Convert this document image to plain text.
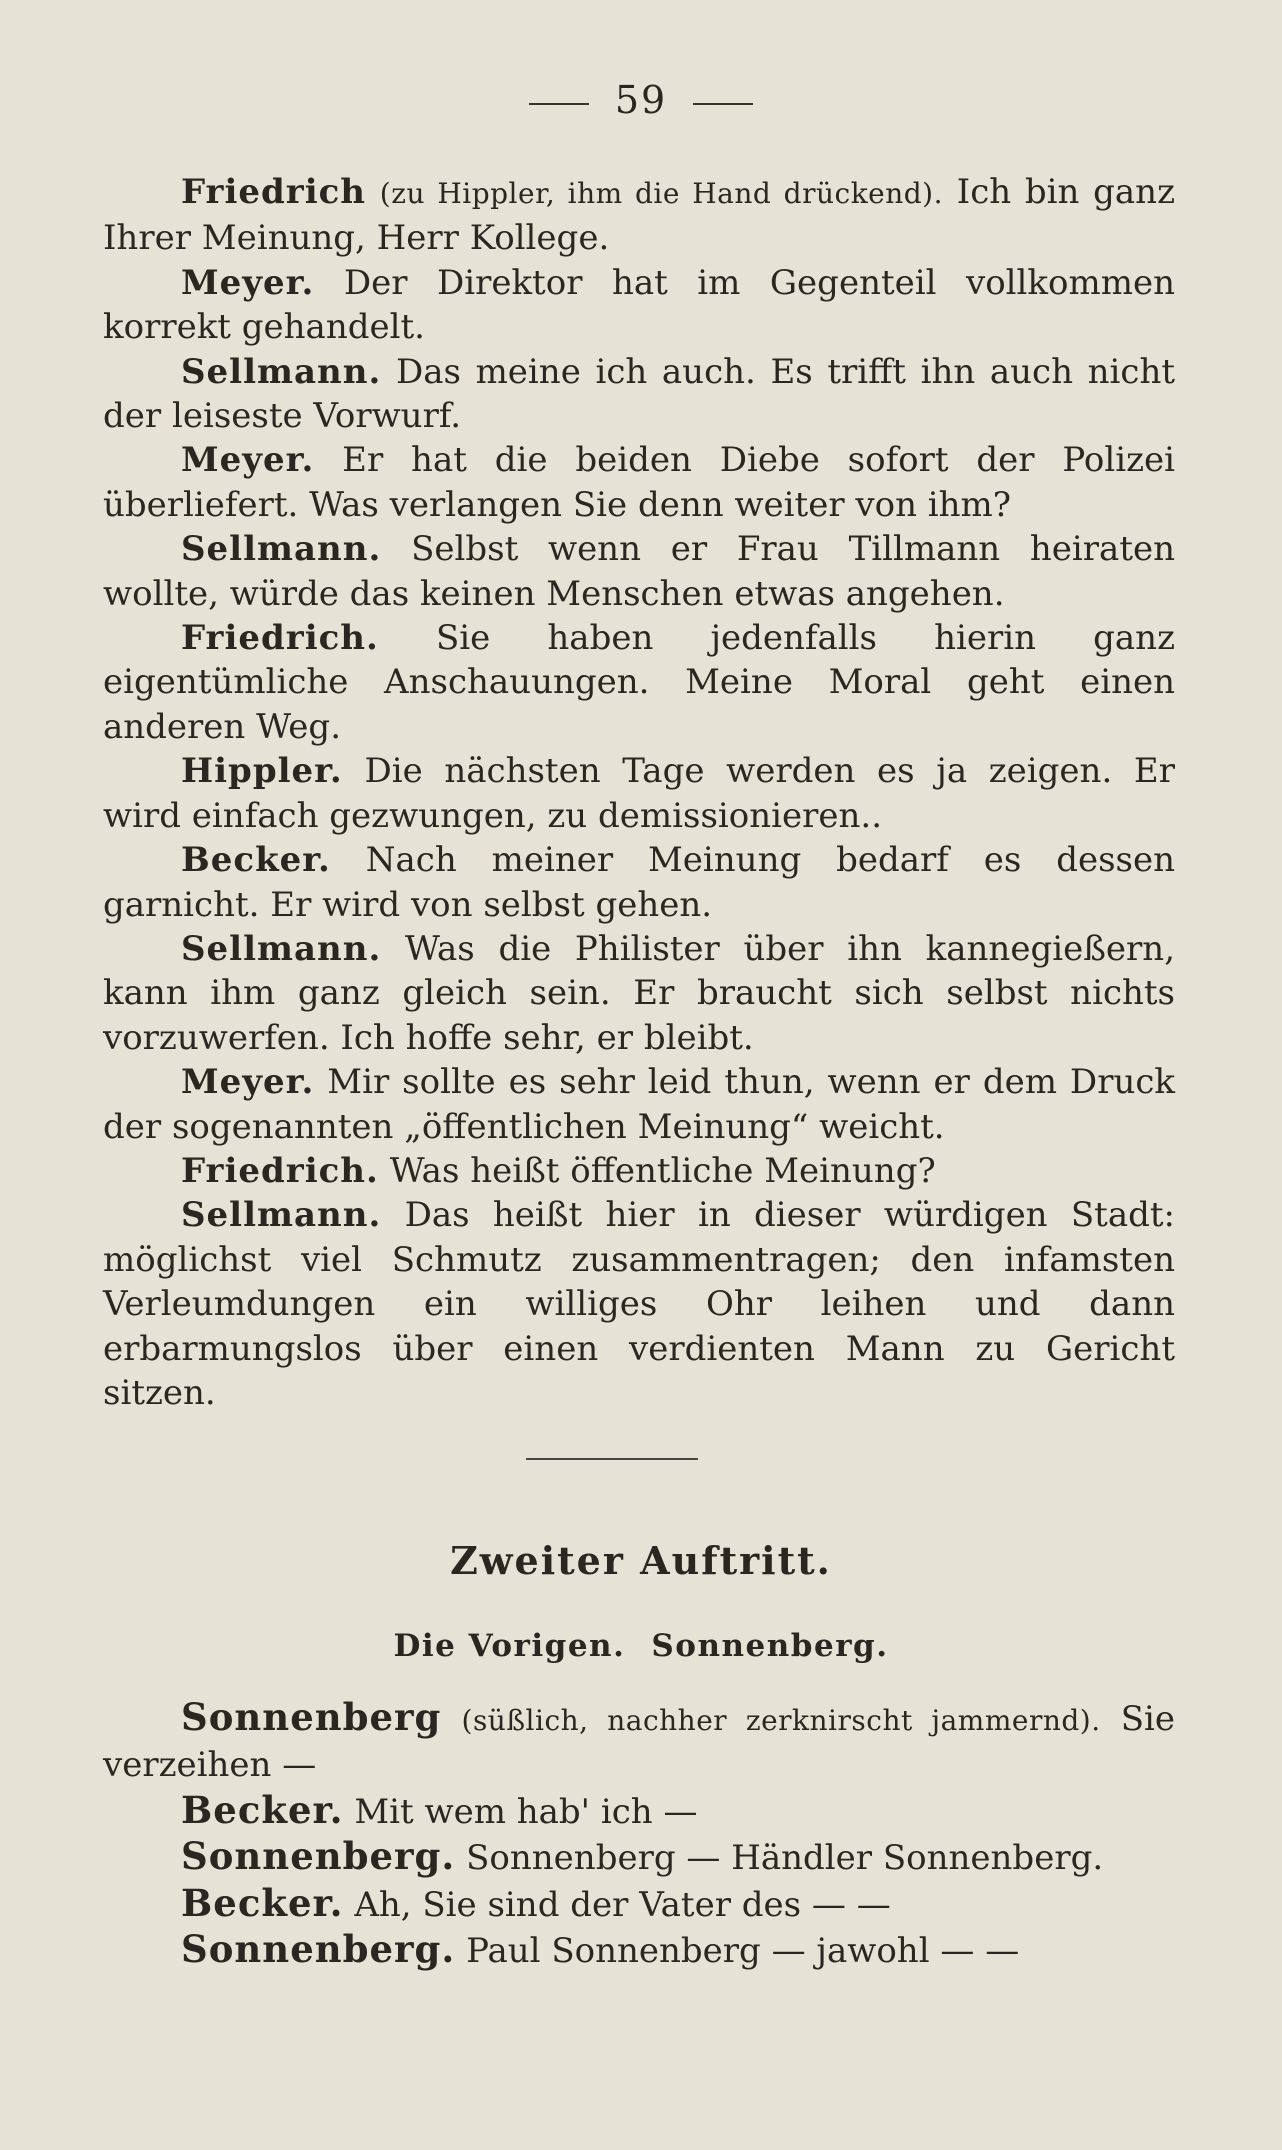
59

Friedrich (zu Hippler, ihm die Hand drückend). Ich bin ganz Ihrer Meinung, Herr Kollege.

Meyer. Der Direktor hat im Gegenteil vollkommen korrekt gehandelt.

Sellmann. Das meine ich auch. Es trifft ihn auch nicht der leiseste Vorwurf.

Meyer. Er hat die beiden Diebe sofort der Polizei überliefert. Was verlangen Sie denn weiter von ihm?

Sellmann. Selbst wenn er Frau Tillmann heiraten wollte, würde das keinen Menschen etwas angehen.

Friedrich. Sie haben jedenfalls hierin ganz eigentümliche Anschauungen. Meine Moral geht einen anderen Weg.

Hippler. Die nächsten Tage werden es ja zeigen. Er wird einfach gezwungen, zu demissionieren..

Becker. Nach meiner Meinung bedarf es dessen garnicht. Er wird von selbst gehen.

Sellmann. Was die Philister über ihn kannegießern, kann ihm ganz gleich sein. Er braucht sich selbst nichts vorzuwerfen. Ich hoffe sehr, er bleibt.

Meyer. Mir sollte es sehr leid thun, wenn er dem Druck der sogenannten „öffentlichen Meinung“ weicht.

Friedrich. Was heißt öffentliche Meinung?

Sellmann. Das heißt hier in dieser würdigen Stadt: möglichst viel Schmutz zusammentragen; den infamsten Verleumdungen ein williges Ohr leihen und dann erbarmungslos über einen verdienten Mann zu Gericht sitzen.

Zweiter Auftritt.
Die Vorigen. Sonnenberg.

Sonnenberg (süßlich, nachher zerknirscht jammernd). Sie verzeihen —

Becker. Mit wem hab' ich —

Sonnenberg. Sonnenberg — Händler Sonnenberg.

Becker. Ah, Sie sind der Vater des — —

Sonnenberg. Paul Sonnenberg — jawohl — —
